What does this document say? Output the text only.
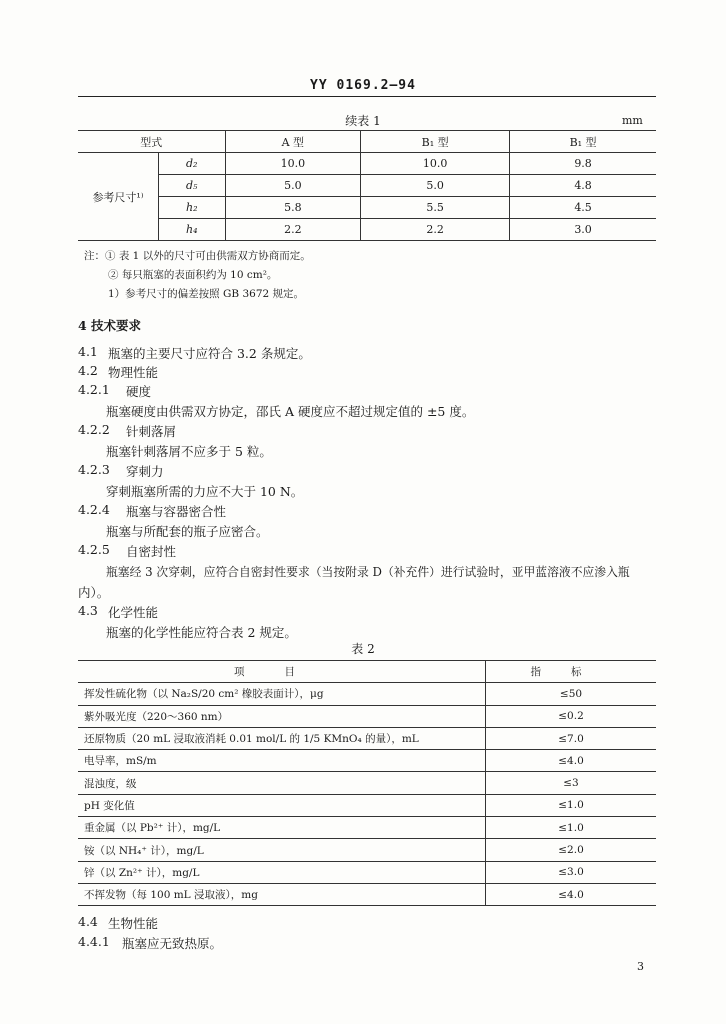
YY 0169.2—94
续表 1	mm
型式		A 型	B₁ 型	B₁ 型
参考尺寸¹⁾	d₂	10.0	10.0	9.8
	d₅	5.0	5.0	4.8
	h₂	5.8	5.5	4.5
	h₄	2.2	2.2	3.0
注：① 表 1 以外的尺寸可由供需双方协商而定。
② 每只瓶塞的表面积约为 10 cm²。
1）参考尺寸的偏差按照 GB 3672 规定。
4 技术要求
4.1 瓶塞的主要尺寸应符合 3.2 条规定。
4.2 物理性能
4.2.1 硬度
瓶塞硬度由供需双方协定，邵氏 A 硬度应不超过规定值的 ±5 度。
4.2.2 针刺落屑
瓶塞针刺落屑不应多于 5 粒。
4.2.3 穿刺力
穿刺瓶塞所需的力应不大于 10 N。
4.2.4 瓶塞与容器密合性
瓶塞与所配套的瓶子应密合。
4.2.5 自密封性
瓶塞经 3 次穿刺，应符合自密封性要求（当按附录 D（补充件）进行试验时，亚甲蓝溶液不应渗入瓶
内）。
4.3 化学性能
瓶塞的化学性能应符合表 2 规定。
表 2
项目	指标
挥发性硫化物（以 Na₂S/20 cm² 橡胶表面计），μg	≤50
紫外吸光度（220～360 nm）	≤0.2
还原物质（20 mL 浸取液消耗 0.01 mol/L 的 1/5 KMnO₄ 的量），mL	≤7.0
电导率，mS/m	≤4.0
混浊度，级	≤3
pH 变化值	≤1.0
重金属（以 Pb²⁺ 计），mg/L	≤1.0
铵（以 NH₄⁺ 计），mg/L	≤2.0
锌（以 Zn²⁺ 计），mg/L	≤3.0
不挥发物（每 100 mL 浸取液），mg	≤4.0
4.4 生物性能
4.4.1 瓶塞应无致热原。
3
